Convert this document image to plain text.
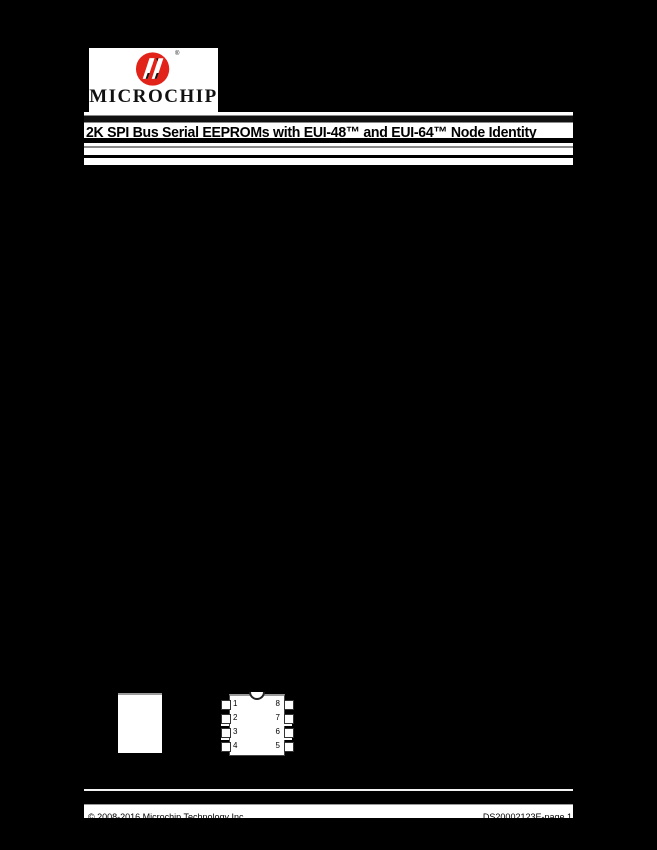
®
MICROCHIP
2K SPI Bus Serial EEPROMs with EUI-48™ and EUI-64™ Node Identity
1
2
3
4
8
7
6
5
© 2008-2016 Microchip Technology Inc.	DS20002123E-page 1
